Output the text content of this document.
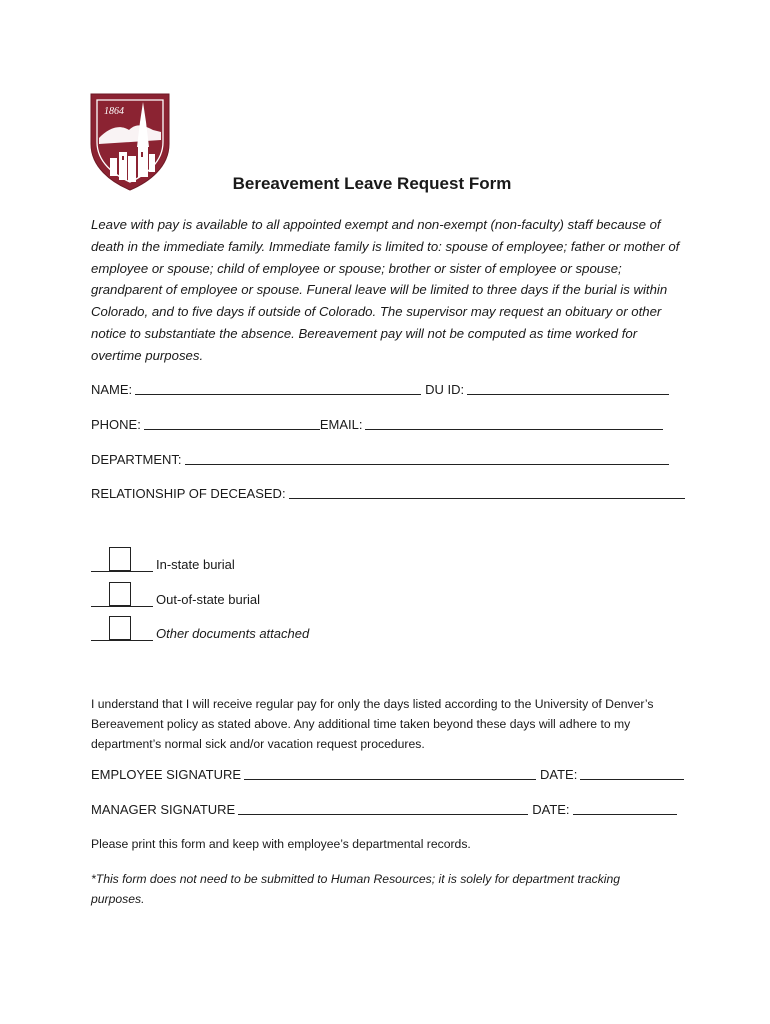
1864
Bereavement Leave Request Form
Leave with pay is available to all appointed exempt and non-exempt (non-faculty) staff because of death in the immediate family. Immediate family is limited to: spouse of employee; father or mother of employee or spouse; child of employee or spouse; brother or sister of employee or spouse; grandparent of employee or spouse. Funeral leave will be limited to three days if the burial is within Colorado, and to five days if outside of Colorado. The supervisor may request an obituary or other notice to substantiate the absence. Bereavement pay will not be computed as time worked for overtime purposes.
NAME:	DU ID:
PHONE:	EMAIL:
DEPARTMENT:
RELATIONSHIP OF DECEASED:
In-state burial
Out-of-state burial
Other documents attached
I understand that I will receive regular pay for only the days listed according to the University of Denver’s Bereavement policy as stated above. Any additional time taken beyond these days will adhere to my department’s normal sick and/or vacation request procedures.
EMPLOYEE SIGNATURE	DATE:
MANAGER SIGNATURE	DATE:
Please print this form and keep with employee’s departmental records.
*This form does not need to be submitted to Human Resources; it is solely for department tracking purposes.
